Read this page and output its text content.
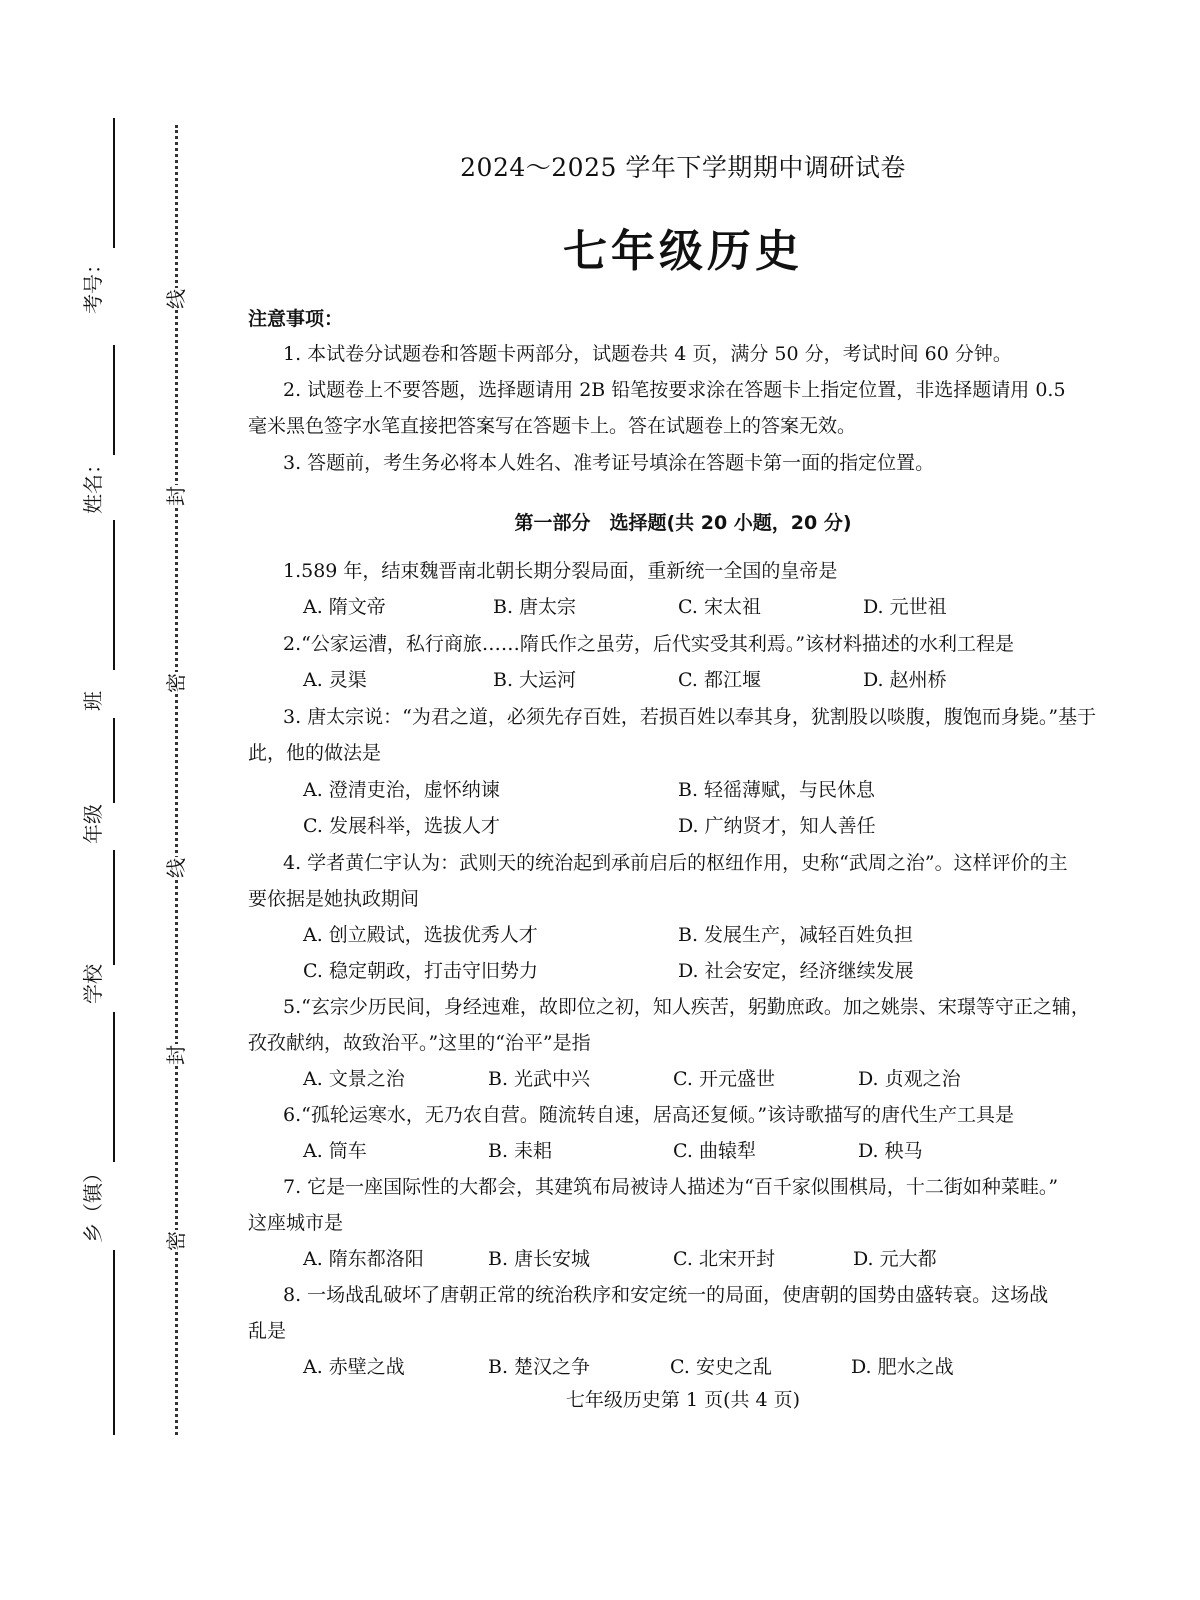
考号：
姓名：
班
年级
学校
乡（镇）
线
封
密
线
封
密
2024～2025 学年下学期期中调研试卷
七年级历史
注意事项：
1. 本试卷分试题卷和答题卡两部分，试题卷共 4 页，满分 50 分，考试时间 60 分钟。
2. 试题卷上不要答题，选择题请用 2B 铅笔按要求涂在答题卡上指定位置，非选择题请用 0.5
毫米黑色签字水笔直接把答案写在答题卡上。答在试题卷上的答案无效。
3. 答题前，考生务必将本人姓名、准考证号填涂在答题卡第一面的指定位置。
第一部分　选择题(共 20 小题，20 分)
1.589 年，结束魏晋南北朝长期分裂局面，重新统一全国的皇帝是
A. 隋文帝	B. 唐太宗	C. 宋太祖	D. 元世祖
2.“公家运漕，私行商旅……隋氏作之虽劳，后代实受其利焉。”该材料描述的水利工程是
A. 灵渠	B. 大运河	C. 都江堰	D. 赵州桥
3. 唐太宗说：“为君之道，必须先存百姓，若损百姓以奉其身，犹割股以啖腹，腹饱而身毙。”基于
此，他的做法是
A. 澄清吏治，虚怀纳谏	B. 轻徭薄赋，与民休息
C. 发展科举，选拔人才	D. 广纳贤才，知人善任
4. 学者黄仁宇认为：武则天的统治起到承前启后的枢纽作用，史称“武周之治”。这样评价的主
要依据是她执政期间
A. 创立殿试，选拔优秀人才	B. 发展生产，减轻百姓负担
C. 稳定朝政，打击守旧势力	D. 社会安定，经济继续发展
5.“玄宗少历民间，身经迍难，故即位之初，知人疾苦，躬勤庶政。加之姚崇、宋璟等守正之辅，
孜孜献纳，故致治平。”这里的“治平”是指
A. 文景之治	B. 光武中兴	C. 开元盛世	D. 贞观之治
6.“孤轮运寒水，无乃农自营。随流转自速，居高还复倾。”该诗歌描写的唐代生产工具是
A. 筒车	B. 耒耜	C. 曲辕犁	D. 秧马
7. 它是一座国际性的大都会，其建筑布局被诗人描述为“百千家似围棋局，十二街如种菜畦。”
这座城市是
A. 隋东都洛阳	B. 唐长安城	C. 北宋开封	D. 元大都
8. 一场战乱破坏了唐朝正常的统治秩序和安定统一的局面，使唐朝的国势由盛转衰。这场战
乱是
A. 赤壁之战	B. 楚汉之争	C. 安史之乱	D. 肥水之战
七年级历史第 1 页(共 4 页)
